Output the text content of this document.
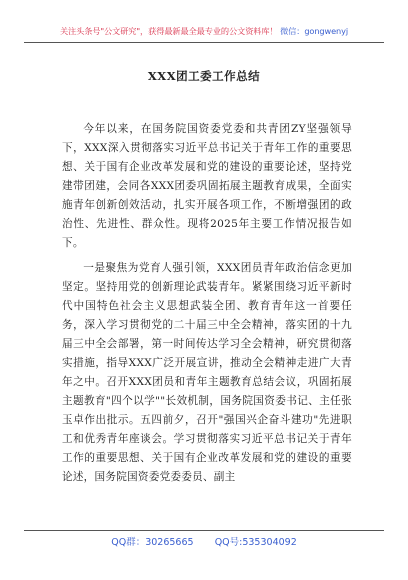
关注头条号"公文研究"，获得最新最全最专业的公文资料库！ 微信：gongwenyj
XXX团工委工作总结

今年以来，在国务院国资委党委和共青团ZY坚强领导下，XXX深入贯彻落实习近平总书记关于青年工作的重要思想、关于国有企业改革发展和党的建设的重要论述，坚持党建带团建，会同各XXX团委巩固拓展主题教育成果，全面实施青年创新创效活动，扎实开展各项工作，不断增强团的政治性、先进性、群众性。现将2025年主要工作情况报告如下。

一是聚焦为党育人强引领，XXX团员青年政治信念更加坚定。坚持用党的创新理论武装青年。紧紧围绕习近平新时代中国特色社会主义思想武装全团、教育青年这一首要任务，深入学习贯彻党的二十届三中全会精神，落实团的十九届三中全会部署，第一时间传达学习全会精神，研究贯彻落实措施，指导XXX广泛开展宣讲，推动全会精神走进广大青年之中。召开XXX团员和青年主题教育总结会议，巩固拓展主题教育"四个以学""长效机制，国务院国资委书记、主任张玉卓作出批示。五四前夕，召开"强国兴企奋斗建功"先进职工和优秀青年座谈会。学习贯彻落实习近平总书记关于青年工作的重要思想、关于国有企业改革发展和党的建设的重要论述，国务院国资委党委委员、副主

QQ群：30265665 QQ号:535304092
